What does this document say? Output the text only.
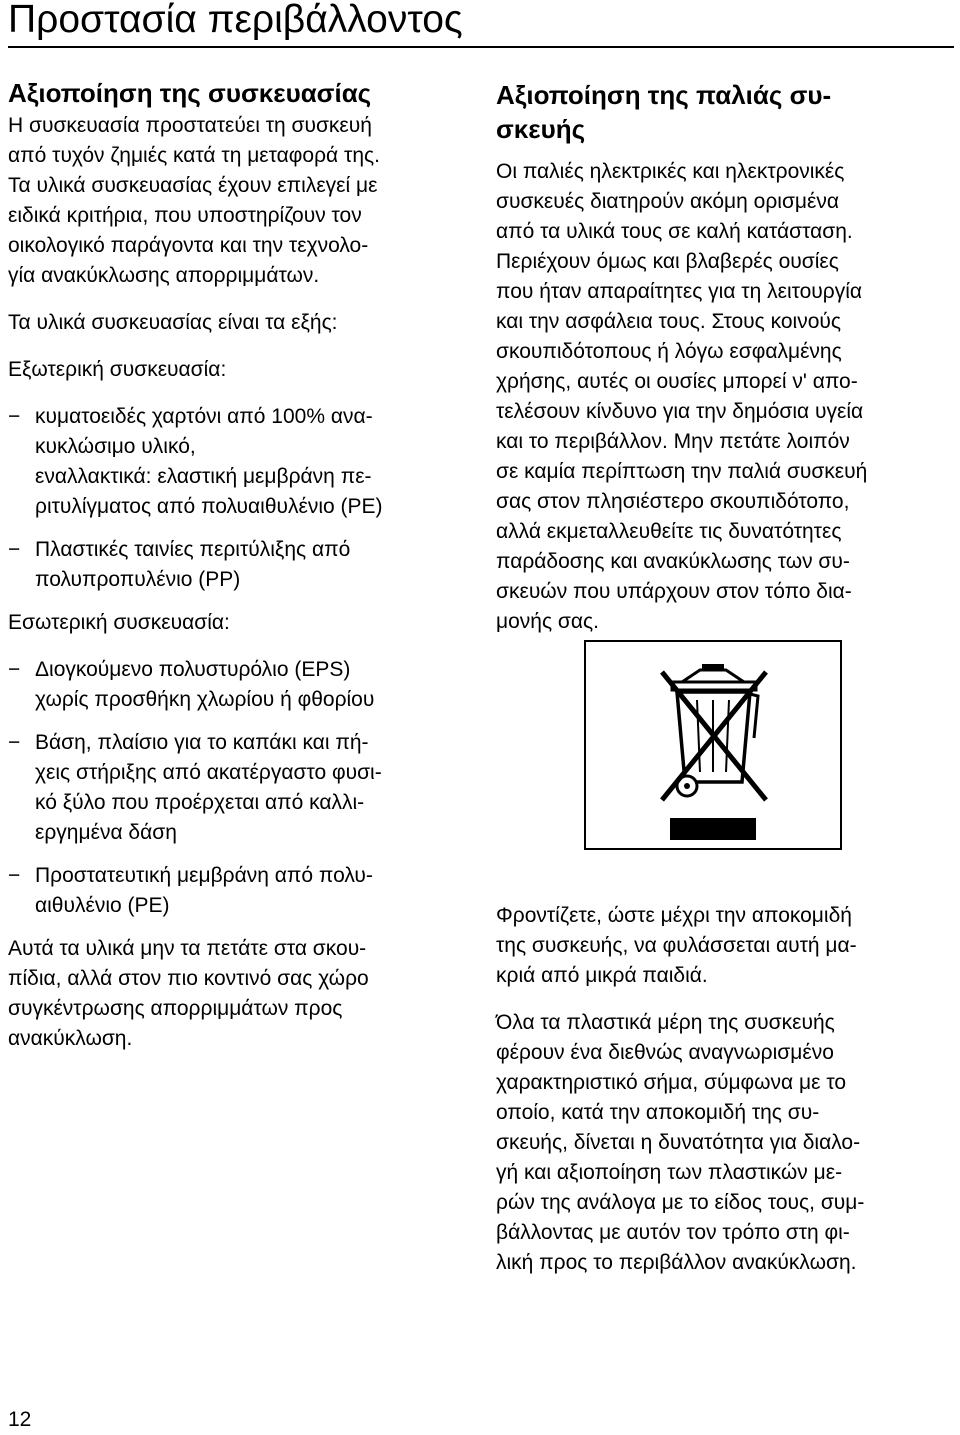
Προστασία περιβάλλοντος
Αξιοποίηση της συσκευασίας

Η συσκευασία προστατεύει τη συσκευή
από τυχόν ζημιές κατά τη μεταφορά της.
Τα υλικά συσκευασίας έχουν επιλεγεί με
ειδικά κριτήρια, που υποστηρίζουν τον
οικολογικό παράγοντα και την τεχνολο-
γία ανακύκλωσης απορριμμάτων.

Τα υλικά συσκευασίας είναι τα εξής:

Εξωτερική συσκευασία:

− κυματοειδές χαρτόνι από 100% ανα-
κυκλώσιμο υλικό,
εναλλακτικά: ελαστική μεμβράνη πε-
ριτυλίγματος από πολυαιθυλένιο (PE)
− Πλαστικές ταινίες περιτύλιξης από
πολυπροπυλένιο (PP)

Εσωτερική συσκευασία:

− Διογκούμενο πολυστυρόλιο (EPS)
χωρίς προσθήκη χλωρίου ή φθορίου
− Βάση, πλαίσιο για το καπάκι και πή-
χεις στήριξης από ακατέργαστο φυσι-
κό ξύλο που προέρχεται από καλλι-
εργημένα δάση
− Προστατευτική μεμβράνη από πολυ-
αιθυλένιο (PE)

Αυτά τα υλικά μην τα πετάτε στα σκου-
πίδια, αλλά στον πιο κοντινό σας χώρο
συγκέντρωσης απορριμμάτων προς
ανακύκλωση.

Αξιοποίηση της παλιάς συ-
σκευής

Οι παλιές ηλεκτρικές και ηλεκτρονικές
συσκευές διατηρούν ακόμη ορισμένα
από τα υλικά τους σε καλή κατάσταση.
Περιέχουν όμως και βλαβερές ουσίες
που ήταν απαραίτητες για τη λειτουργία
και την ασφάλεια τους. Στους κοινούς
σκουπιδότοπους ή λόγω εσφαλμένης
χρήσης, αυτές οι ουσίες μπορεί ν' απο-
τελέσουν κίνδυνο για την δημόσια υγεία
και το περιβάλλον. Μην πετάτε λοιπόν
σε καμία περίπτωση την παλιά συσκευή
σας στον πλησιέστερο σκουπιδότοπο,
αλλά εκμεταλλευθείτε τις δυνατότητες
παράδοσης και ανακύκλωσης των συ-
σκευών που υπάρχουν στον τόπο δια-
μονής σας.

Φροντίζετε, ώστε μέχρι την αποκομιδή
της συσκευής, να φυλάσσεται αυτή μα-
κριά από μικρά παιδιά.

Όλα τα πλαστικά μέρη της συσκευής
φέρουν ένα διεθνώς αναγνωρισμένο
χαρακτηριστικό σήμα, σύμφωνα με το
οποίο, κατά την αποκομιδή της συ-
σκευής, δίνεται η δυνατότητα για διαλο-
γή και αξιοποίηση των πλαστικών με-
ρών της ανάλογα με το είδος τους, συμ-
βάλλοντας με αυτόν τον τρόπο στη φι-
λική προς το περιβάλλον ανακύκλωση.

12
